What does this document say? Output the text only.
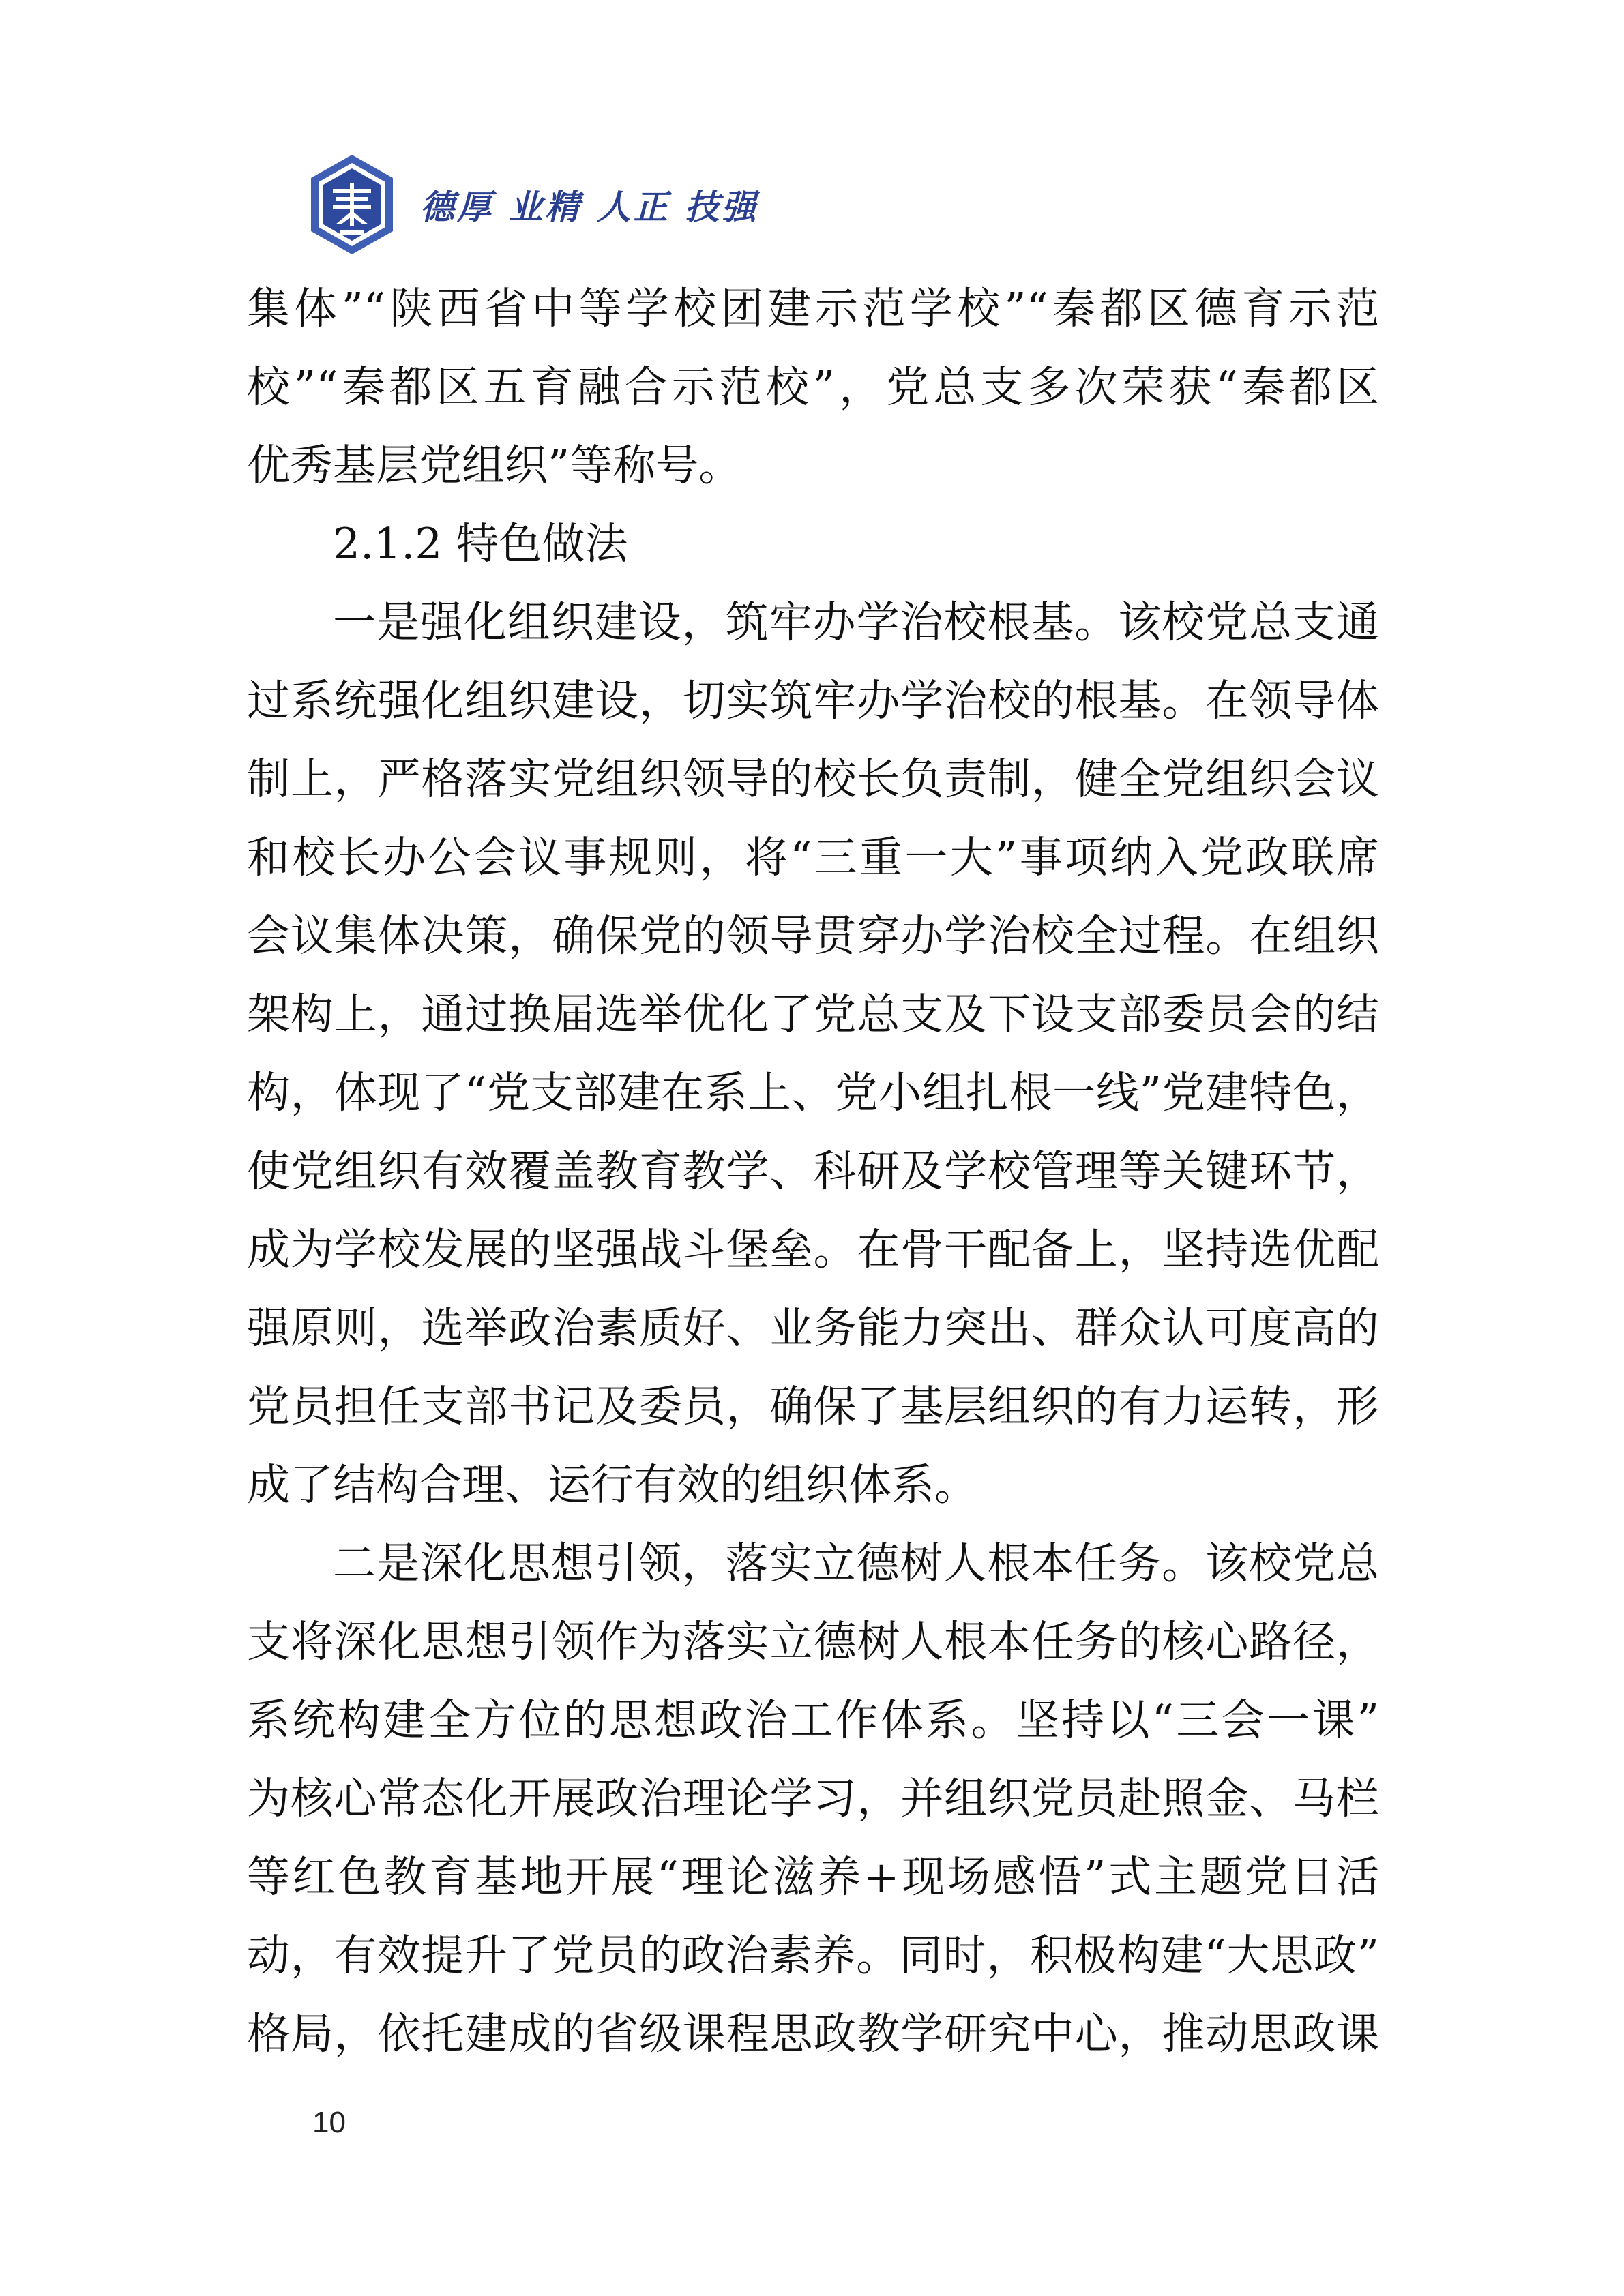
德厚 业精 人正 技强
集体”“陕西省中等学校团建示范学校”“秦都区德育示范
校”“秦都区五育融合示范校”，党总支多次荣获“秦都区
优秀基层党组织”等称号。
2.1.2 特色做法
一是强化组织建设，筑牢办学治校根基。该校党总支通
过系统强化组织建设，切实筑牢办学治校的根基。在领导体
制上，严格落实党组织领导的校长负责制，健全党组织会议
和校长办公会议事规则，将“三重一大”事项纳入党政联席
会议集体决策，确保党的领导贯穿办学治校全过程。在组织
架构上，通过换届选举优化了党总支及下设支部委员会的结
构，体现了“党支部建在系上、党小组扎根一线”党建特色，
使党组织有效覆盖教育教学、科研及学校管理等关键环节，
成为学校发展的坚强战斗堡垒。在骨干配备上，坚持选优配
强原则，选举政治素质好、业务能力突出、群众认可度高的
党员担任支部书记及委员，确保了基层组织的有力运转，形
成了结构合理、运行有效的组织体系。
二是深化思想引领，落实立德树人根本任务。该校党总
支将深化思想引领作为落实立德树人根本任务的核心路径，
系统构建全方位的思想政治工作体系。坚持以“三会一课”
为核心常态化开展政治理论学习，并组织党员赴照金、马栏
等红色教育基地开展“理论滋养+现场感悟”式主题党日活
动，有效提升了党员的政治素养。同时，积极构建“大思政”
格局，依托建成的省级课程思政教学研究中心，推动思政课
10
